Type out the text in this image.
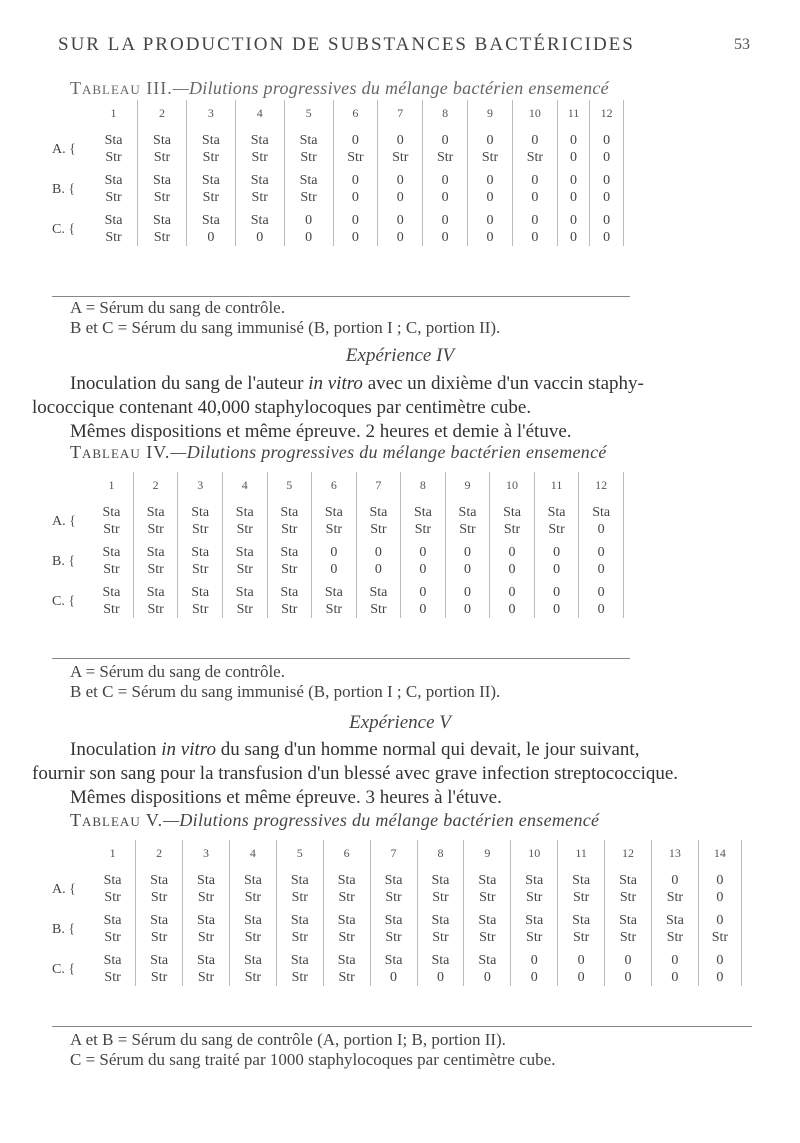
SUR LA PRODUCTION DE SUBSTANCES BACTÉRICIDES	53
Tableau III.—Dilutions progressives du mélange bactérien ensemencé
	1	2	3	4	5	6	7	8	9	10	11	12
A. {	Sta	Sta	Sta	Sta	Sta	0	0	0	0	0	0	0
	Str	Str	Str	Str	Str	Str	Str	Str	Str	Str	0	0
B. {	Sta	Sta	Sta	Sta	Sta	0	0	0	0	0	0	0
	Str	Str	Str	Str	Str	0	0	0	0	0	0	0
C. {	Sta	Sta	Sta	Sta	0	0	0	0	0	0	0	0
	Str	Str	0	0	0	0	0	0	0	0	0	0
A = Sérum du sang de contrôle.
B et C = Sérum du sang immunisé (B, portion I ; C, portion II).
Expérience IV

Inoculation du sang de l'auteur in vitro avec un dixième d'un vaccin staphy-

lococcique contenant 40,000 staphylocoques par centimètre cube.

Mêmes dispositions et même épreuve. 2 heures et demie à l'étuve.

Tableau IV.—Dilutions progressives du mélange bactérien ensemencé
	1	2	3	4	5	6	7	8	9	10	11	12
A. {	Sta	Sta	Sta	Sta	Sta	Sta	Sta	Sta	Sta	Sta	Sta	Sta
	Str	Str	Str	Str	Str	Str	Str	Str	Str	Str	Str	0
B. {	Sta	Sta	Sta	Sta	Sta	0	0	0	0	0	0	0
	Str	Str	Str	Str	Str	0	0	0	0	0	0	0
C. {	Sta	Sta	Sta	Sta	Sta	Sta	Sta	0	0	0	0	0
	Str	Str	Str	Str	Str	Str	Str	0	0	0	0	0
A = Sérum du sang de contrôle.
B et C = Sérum du sang immunisé (B, portion I ; C, portion II).
Expérience V

Inoculation in vitro du sang d'un homme normal qui devait, le jour suivant,

fournir son sang pour la transfusion d'un blessé avec grave infection streptococcique.

Mêmes dispositions et même épreuve. 3 heures à l'étuve.

Tableau V.—Dilutions progressives du mélange bactérien ensemencé
	1	2	3	4	5	6	7	8	9	10	11	12	13	14
A. {	Sta	Sta	Sta	Sta	Sta	Sta	Sta	Sta	Sta	Sta	Sta	Sta	0	0
	Str	Str	Str	Str	Str	Str	Str	Str	Str	Str	Str	Str	Str	0
B. {	Sta	Sta	Sta	Sta	Sta	Sta	Sta	Sta	Sta	Sta	Sta	Sta	Sta	0
	Str	Str	Str	Str	Str	Str	Str	Str	Str	Str	Str	Str	Str	Str
C. {	Sta	Sta	Sta	Sta	Sta	Sta	Sta	Sta	Sta	0	0	0	0	0
	Str	Str	Str	Str	Str	Str	0	0	0	0	0	0	0	0
A et B = Sérum du sang de contrôle (A, portion I; B, portion II).
C = Sérum du sang traité par 1000 staphylocoques par centimètre cube.
